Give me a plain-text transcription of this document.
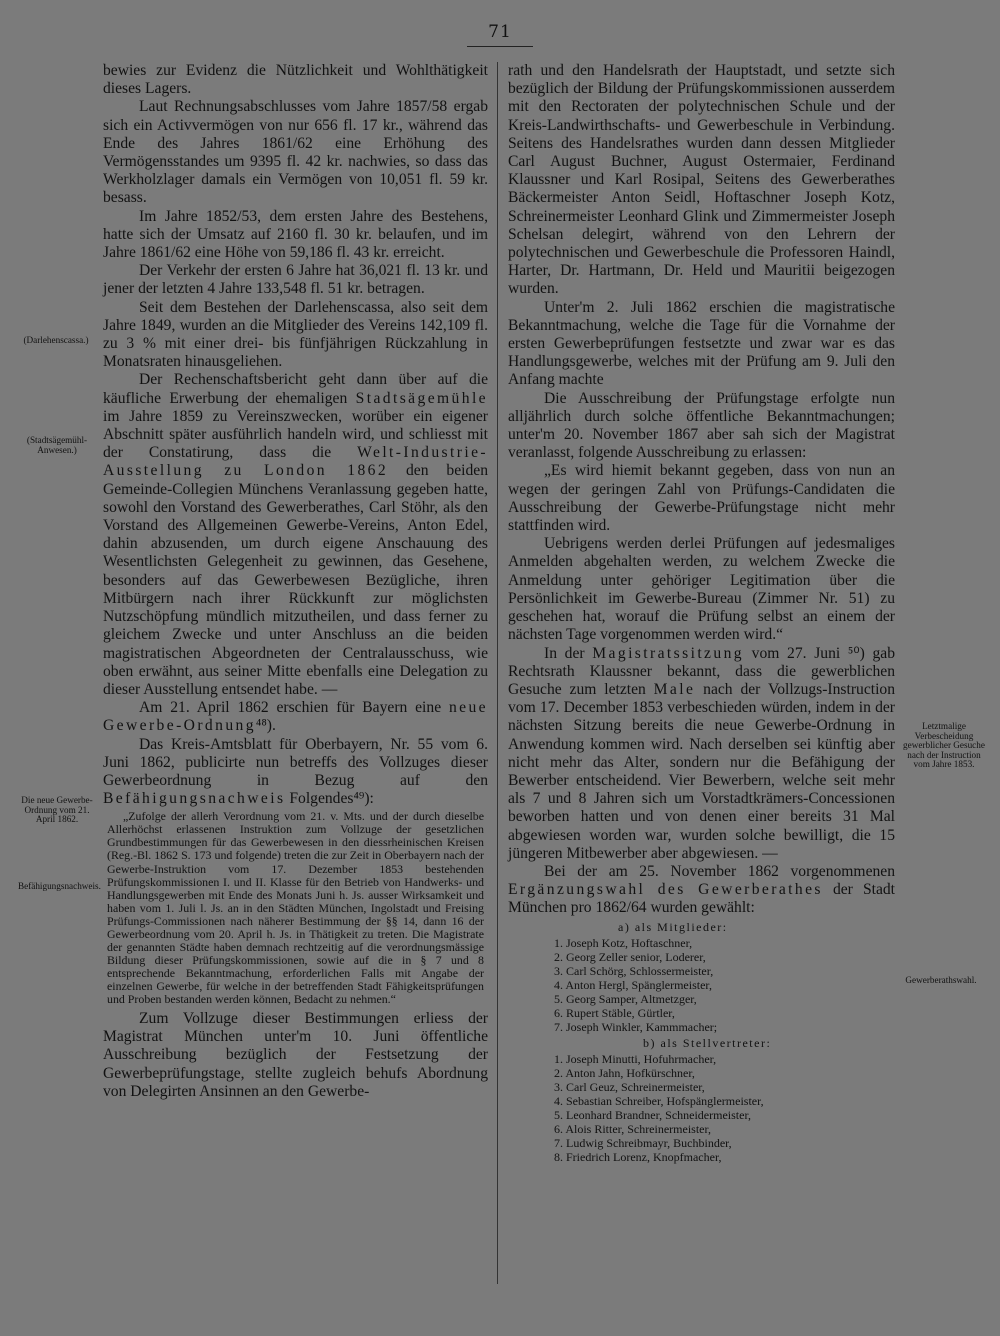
71

bewies zur Evidenz die Nützlichkeit und Wohlthätigkeit dieses Lagers.

Laut Rechnungsabschlusses vom Jahre 1857/58 ergab sich ein Activvermögen von nur 656 fl. 17 kr., während das Ende des Jahres 1861/62 eine Erhöhung des Vermögensstandes um 9395 fl. 42 kr. nachwies, so dass das Werkholzlager damals ein Vermögen von 10,051 fl. 59 kr. besass.

Im Jahre 1852/53, dem ersten Jahre des Bestehens, hatte sich der Umsatz auf 2160 fl. 30 kr. belaufen, und im Jahre 1861/62 eine Höhe von 59,186 fl. 43 kr. erreicht.

Der Verkehr der ersten 6 Jahre hat 36,021 fl. 13 kr. und jener der letzten 4 Jahre 133,548 fl. 51 kr. betragen.

Seit dem Bestehen der Darlehenscassa, also seit dem Jahre 1849, wurden an die Mitglieder des Vereins 142,109 fl. zu 3 % mit einer drei- bis fünfjährigen Rückzahlung in Monatsraten hinausgeliehen.

Der Rechenschaftsbericht geht dann über auf die käufliche Erwerbung der ehemaligen Stadtsägemühle im Jahre 1859 zu Vereinszwecken, worüber ein eigener Abschnitt später ausführlich handeln wird, und schliesst mit der Constatirung, dass die Welt-Industrie-Ausstellung zu London 1862 den beiden Gemeinde-Collegien Münchens Veranlassung gegeben hatte, sowohl den Vorstand des Gewerberathes, Carl Stöhr, als den Vorstand des Allgemeinen Gewerbe-Vereins, Anton Edel, dahin abzusenden, um durch eigene Anschauung des Wesentlichsten Gelegenheit zu gewinnen, das Gesehene, besonders auf das Gewerbewesen Bezügliche, ihren Mitbürgern nach ihrer Rückkunft zur möglichsten Nutzschöpfung mündlich mitzutheilen, und dass ferner zu gleichem Zwecke und unter Anschluss an die beiden magistratischen Abgeordneten der Centralausschuss, wie oben erwähnt, aus seiner Mitte ebenfalls eine Delegation zu dieser Ausstellung entsendet habe. —

Am 21. April 1862 erschien für Bayern eine neue Gewerbe-Ordnung⁴⁸).

Das Kreis-Amtsblatt für Oberbayern, Nr. 55 vom 6. Juni 1862, publicirte nun betreffs des Vollzuges dieser Gewerbeordnung in Bezug auf den Befähigungsnachweis Folgendes⁴⁹):

„Zufolge der allerh Verordnung vom 21. v. Mts. und der durch dieselbe Allerhöchst erlassenen Instruktion zum Vollzuge der gesetzlichen Grundbestimmungen für das Gewerbewesen in den diessrheinischen Kreisen (Reg.-Bl. 1862 S. 173 und folgende) treten die zur Zeit in Oberbayern nach der Gewerbe-Instruktion vom 17. Dezember 1853 bestehenden Prüfungskommissionen I. und II. Klasse für den Betrieb von Handwerks- und Handlungsgewerben mit Ende des Monats Juni h. Js. ausser Wirksamkeit und haben vom 1. Juli l. Js. an in den Städten München, Ingolstadt und Freising Prüfungs-Commissionen nach näherer Bestimmung der §§ 14, dann 16 der Gewerbeordnung vom 20. April h. Js. in Thätigkeit zu treten. Die Magistrate der genannten Städte haben demnach rechtzeitig auf die verordnungsmässige Bildung dieser Prüfungskommissionen, sowie auf die in § 7 und 8 entsprechende Bekanntmachung, erforderlichen Falls mit Angabe der einzelnen Gewerbe, für welche in der betreffenden Stadt Fähigkeitsprüfungen und Proben bestanden werden können, Bedacht zu nehmen.“

Zum Vollzuge dieser Bestimmungen erliess der Magistrat München unter'm 10. Juni öffentliche Ausschreibung bezüglich der Festsetzung der Gewerbeprüfungstage, stellte zugleich behufs Abordnung von Delegirten Ansinnen an den Gewerbe-

rath und den Handelsrath der Hauptstadt, und setzte sich bezüglich der Bildung der Prüfungskommissionen ausserdem mit den Rectoraten der polytechnischen Schule und der Kreis-Landwirthschafts- und Gewerbeschule in Verbindung. Seitens des Handelsrathes wurden dann dessen Mitglieder Carl August Buchner, August Ostermaier, Ferdinand Klaussner und Karl Rosipal, Seitens des Gewerberathes Bäckermeister Anton Seidl, Hoftaschner Joseph Kotz, Schreinermeister Leonhard Glink und Zimmermeister Joseph Schelsan delegirt, während von den Lehrern der polytechnischen und Gewerbeschule die Professoren Haindl, Harter, Dr. Hartmann, Dr. Held und Mauritii beigezogen wurden.

Unter'm 2. Juli 1862 erschien die magistratische Bekanntmachung, welche die Tage für die Vornahme der ersten Gewerbeprüfungen festsetzte und zwar war es das Handlungsgewerbe, welches mit der Prüfung am 9. Juli den Anfang machte

Die Ausschreibung der Prüfungstage erfolgte nun alljährlich durch solche öffentliche Bekanntmachungen; unter'm 20. November 1867 aber sah sich der Magistrat veranlasst, folgende Ausschreibung zu erlassen:

„Es wird hiemit bekannt gegeben, dass von nun an wegen der geringen Zahl von Prüfungs-Candidaten die Ausschreibung der Gewerbe-Prüfungstage nicht mehr stattfinden wird.

Uebrigens werden derlei Prüfungen auf jedesmaliges Anmelden abgehalten werden, zu welchem Zwecke die Anmeldung unter gehöriger Legitimation über die Persönlichkeit im Gewerbe-Bureau (Zimmer Nr. 51) zu geschehen hat, worauf die Prüfung selbst an einem der nächsten Tage vorgenommen werden wird.“

In der Magistratssitzung vom 27. Juni ⁵⁰) gab Rechtsrath Klaussner bekannt, dass die gewerblichen Gesuche zum letzten Male nach der Vollzugs-Instruction vom 17. December 1853 verbeschieden würden, indem in der nächsten Sitzung bereits die neue Gewerbe-Ordnung in Anwendung kommen wird. Nach derselben sei künftig aber nicht mehr das Alter, sondern nur die Befähigung der Bewerber entscheidend. Vier Bewerbern, welche seit mehr als 7 und 8 Jahren sich um Vorstadtkrämers-Concessionen beworben hatten und von denen einer bereits 31 Mal abgewiesen worden war, wurden solche bewilligt, die 15 jüngeren Mitbewerber aber abgewiesen. —

Bei der am 25. November 1862 vorgenommenen Ergänzungswahl des Gewerberathes der Stadt München pro 1862/64 wurden gewählt:

a) als Mitglieder:

1. Joseph Kotz, Hoftaschner,
2. Georg Zeller senior, Loderer,
3. Carl Schörg, Schlossermeister,
4. Anton Hergl, Spänglermeister,
5. Georg Samper, Altmetzger,
6. Rupert Stäble, Gürtler,
7. Joseph Winkler, Kammmacher;

b) als Stellvertreter:

1. Joseph Minutti, Hofuhrmacher,
2. Anton Jahn, Hofkürschner,
3. Carl Geuz, Schreinermeister,
4. Sebastian Schreiber, Hofspänglermeister,
5. Leonhard Brandner, Schneidermeister,
6. Alois Ritter, Schreinermeister,
7. Ludwig Schreibmayr, Buchbinder,
8. Friedrich Lorenz, Knopfmacher,
(Darlehenscassa.)
(Stadtsägemühl-Anwesen.)
Die neue Gewerbe-Ordnung vom 21. April 1862.
Befähigungsnachweis.
Letztmalige Verbescheidung gewerblicher Gesuche nach der Instruction vom Jahre 1853.
Gewerberathswahl.
